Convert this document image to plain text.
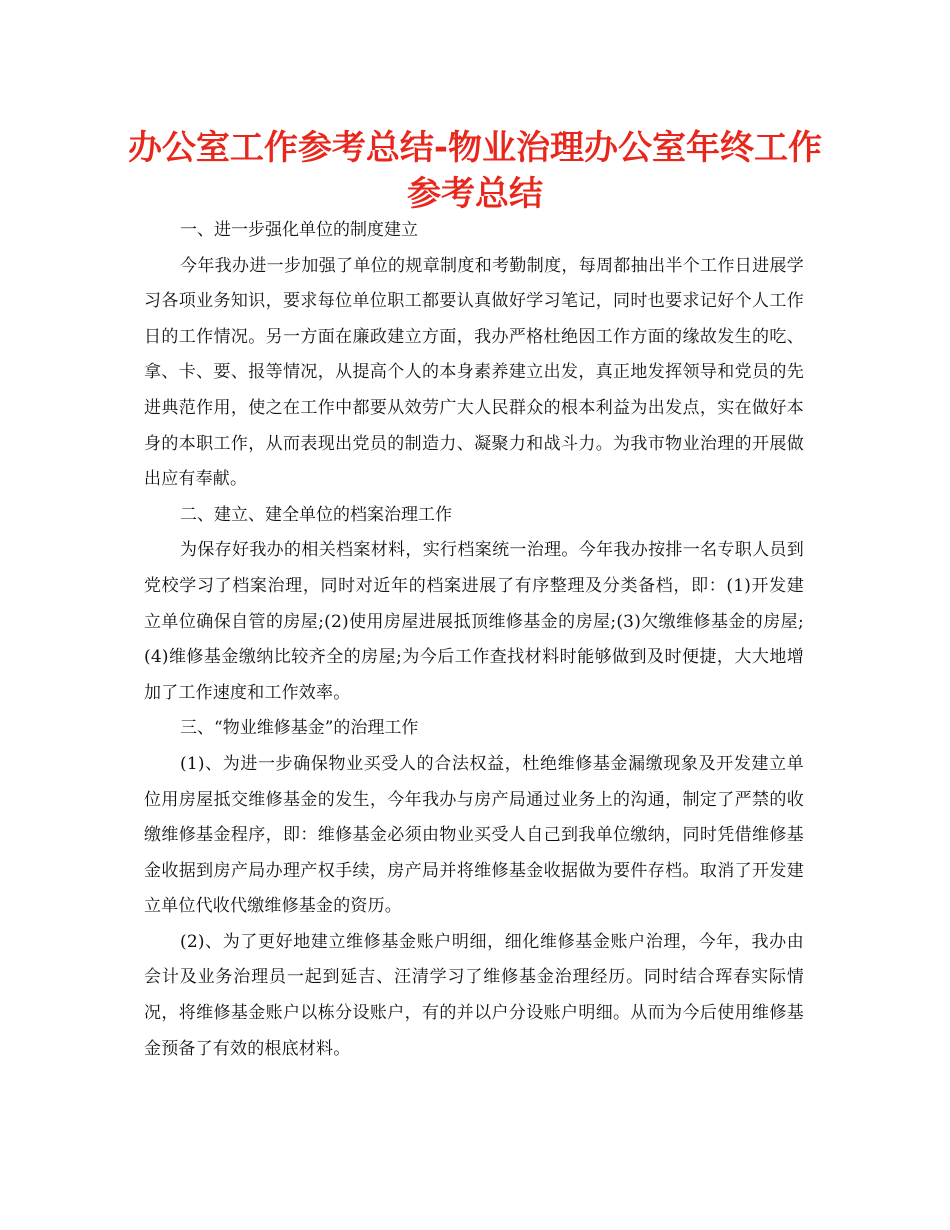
办公室工作参考总结-物业治理办公室年终工作
参考总结
一、进一步强化单位的制度建立

今年我办进一步加强了单位的规章制度和考勤制度，每周都抽出半个工作日进展学习各项业务知识，要求每位单位职工都要认真做好学习笔记，同时也要求记好个人工作日的工作情况。另一方面在廉政建立方面，我办严格杜绝因工作方面的缘故发生的吃、拿、卡、要、报等情况，从提高个人的本身素养建立出发，真正地发挥领导和党员的先进典范作用，使之在工作中都要从效劳广大人民群众的根本利益为出发点，实在做好本身的本职工作，从而表现出党员的制造力、凝聚力和战斗力。为我市物业治理的开展做出应有奉献。

二、建立、建全单位的档案治理工作

为保存好我办的相关档案材料，实行档案统一治理。今年我办按排一名专职人员到党校学习了档案治理，同时对近年的档案进展了有序整理及分类备档，即：(1)开发建立单位确保自管的房屋;(2)使用房屋进展抵顶维修基金的房屋;(3)欠缴维修基金的房屋;(4)维修基金缴纳比较齐全的房屋;为今后工作查找材料时能够做到及时便捷，大大地增加了工作速度和工作效率。

三、“物业维修基金”的治理工作

(1)、为进一步确保物业买受人的合法权益，杜绝维修基金漏缴现象及开发建立单位用房屋抵交维修基金的发生，今年我办与房产局通过业务上的沟通，制定了严禁的收缴维修基金程序，即：维修基金必须由物业买受人自己到我单位缴纳，同时凭借维修基金收据到房产局办理产权手续，房产局并将维修基金收据做为要件存档。取消了开发建立单位代收代缴维修基金的资历。

(2)、为了更好地建立维修基金账户明细，细化维修基金账户治理，今年，我办由会计及业务治理员一起到延吉、汪清学习了维修基金治理经历。同时结合珲春实际情况，将维修基金账户以栋分设账户，有的并以户分设账户明细。从而为今后使用维修基金预备了有效的根底材料。
